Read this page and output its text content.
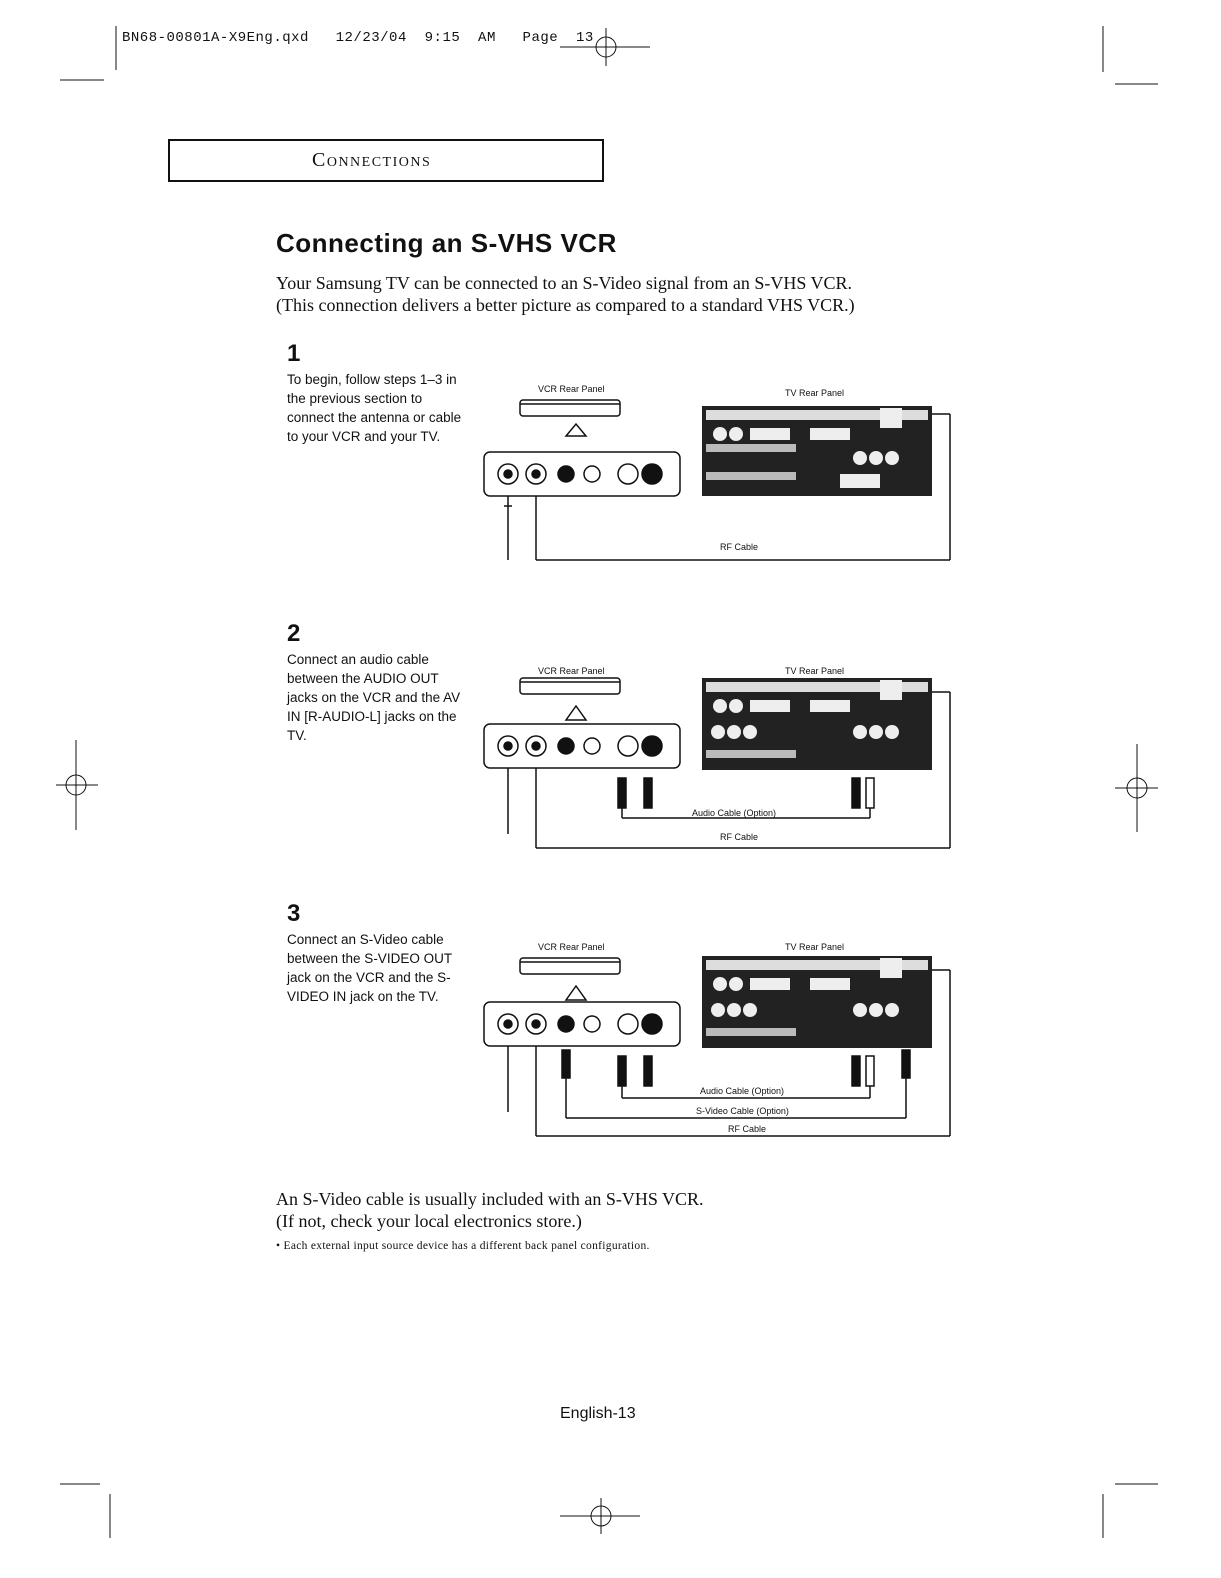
BN68-00801A-X9Eng.qxd   12/23/04  9:15  AM   Page  13
Connections
Connecting an S-VHS VCR
Your Samsung TV can be connected to an S-Video signal from an S-VHS VCR.
(This connection delivers a better picture as compared to a standard VHS VCR.)
1
To begin, follow steps 1–3 in the previous section to connect the antenna or cable to your VCR and your TV.
VCR Rear Panel	TV Rear Panel
RF Cable
2
Connect an audio cable between the AUDIO OUT jacks on the VCR and the AV IN [R-AUDIO-L] jacks on the TV.
VCR Rear Panel	TV Rear Panel
Audio Cable (Option)
RF Cable
3
Connect an S-Video cable between the S-VIDEO OUT jack on the VCR and the S-VIDEO IN jack on the TV.
VCR Rear Panel	TV Rear Panel
Audio Cable (Option)
S-Video Cable (Option)
RF Cable
An S-Video cable is usually included with an S-VHS VCR.
(If not, check your local electronics store.)
• Each external input source device has a different back panel configuration.
English-13
